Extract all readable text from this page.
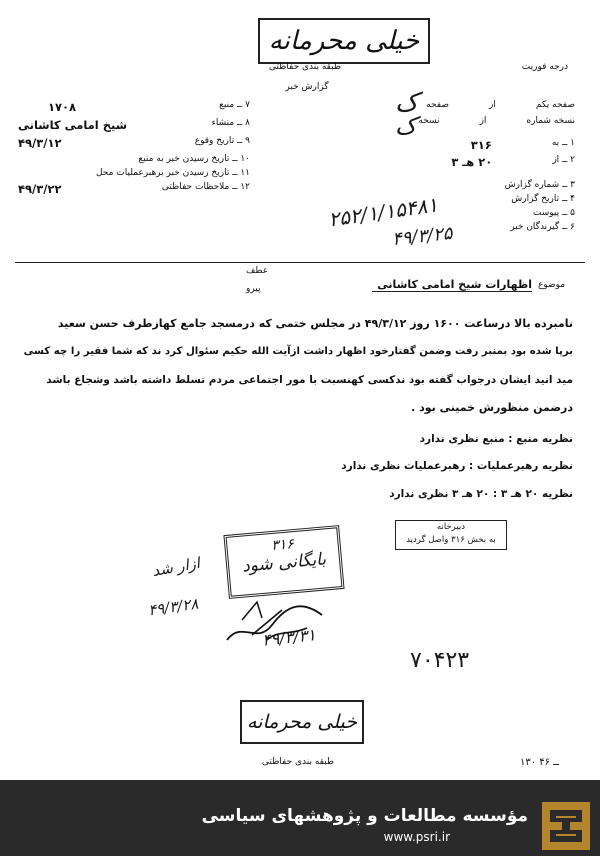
خیلی محرمانه
طبقه بندی حفاظتی
گزارش خبر
درجه فوریت
۷ ــ منبع
۱۷۰۸
۸ ــ منشاء
شیخ امامی کاشانی
۹ ــ تاریخ وقوع
۴۹/۳/۱۲
۱۰ ــ تاریخ رسیدن خبر به منبع
۱۱ ــ تاریخ رسیدن خبر برهبرعملیات محل
۱۲ ــ ملاحظات حفاظتی
۴۹/۳/۲۲
صفحه یکم
از
صفحه
نسخه شماره
از
نسخه
۱ ــ به
۳۱۶
۲ ــ از
۲۰ هـ ۳
۳ ــ شماره گزارش
۴ ــ تاریخ گزارش
۵ ــ پیوست
۶ ــ گیرندگان خبر
ک
ک
۲۵۲/۱/۱۵۴۸۱
۴۹/۳/۲۵
موضوع
اظهارات شیخ امامی کاشانی
عطف
پیرو
نامبرده بالا درساعت ۱۶۰۰ روز ۴۹/۳/۱۲ در مجلس ختمی که درمسجد جامع کهازطرف حسن سعید
برپا شده بود بمنبر رفت وضمن گفتارخود اظهار داشت ازآیت الله حکیم سئوال کرد ند که شما فقیر را چه کسی
مید انید ایشان درجواب گفته بود ندکسی کهنسبت با مور اجتماعی مردم تسلط داشته باشد وشجاع باشد
درضمن منظورش خمینی بود .
نظریه منبع : منبع نظری ندارد
نظریه رهبرعملیات : رهبرعملیات نظری ندارد
نظریه ۲۰ هـ ۳ : ۲۰ هـ ۳ نظری ندارد
دبیرخانه
به بخش ۳۱۶ واصل گردید
۳۱۶
بایگانی شود
ازار شد
۴۹/۳/۲۸
۴۹/۳/۳۱
۷۰۴۲۳
خیلی محرمانه
طبقه بندی حفاظتی	۱۳۰ ــ ۴۶
مؤسسه مطالعات و پژوهشهای سیاسی
www.psri.ir
